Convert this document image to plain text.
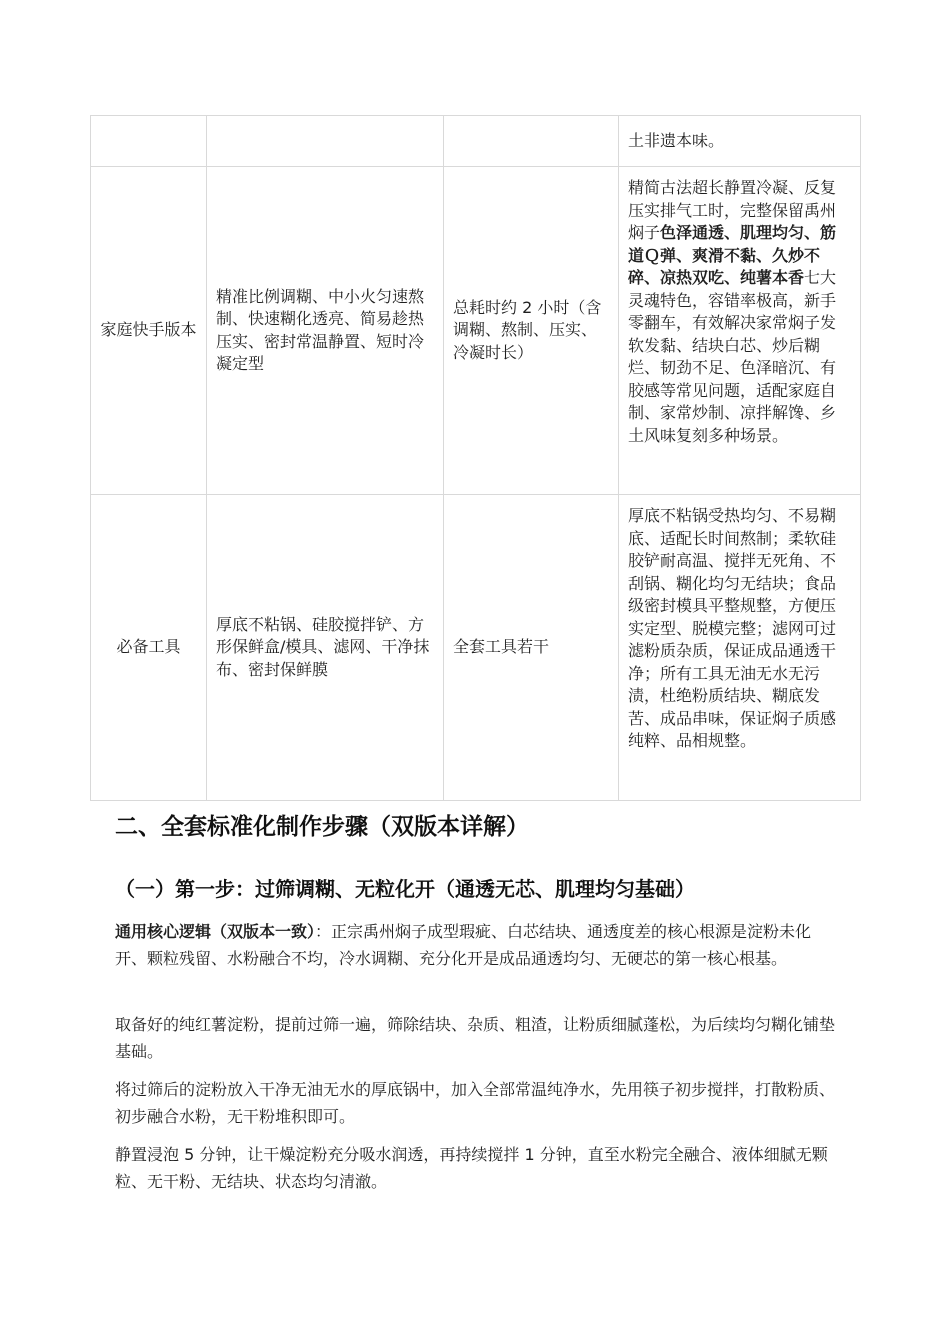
			土非遗本味。
家庭快手版本	精准比例调糊、中小火匀速熬制、快速糊化透亮、简易趁热压实、密封常温静置、短时冷凝定型	总耗时约 2 小时（含调糊、熬制、压实、冷凝时长）	精简古法超长静置冷凝、反复压实排气工时，完整保留禹州焖子色泽通透、肌理均匀、筋道Ｑ弹、爽滑不黏、久炒不碎、凉热双吃、纯薯本香七大灵魂特色，容错率极高，新手零翻车，有效解决家常焖子发软发黏、结块白芯、炒后糊烂、韧劲不足、色泽暗沉、有胶感等常见问题，适配家庭自制、家常炒制、凉拌解馋、乡土风味复刻多种场景。
必备工具	厚底不粘锅、硅胶搅拌铲、方形保鲜盒/模具、滤网、干净抹布、密封保鲜膜	全套工具若干	厚底不粘锅受热均匀、不易糊底、适配长时间熬制；柔软硅胶铲耐高温、搅拌无死角、不刮锅、糊化均匀无结块；食品级密封模具平整规整，方便压实定型、脱模完整；滤网可过滤粉质杂质，保证成品通透干净；所有工具无油无水无污渍，杜绝粉质结块、糊底发苦、成品串味，保证焖子质感纯粹、品相规整。
二、全套标准化制作步骤（双版本详解）
（一）第一步：过筛调糊、无粒化开（通透无芯、肌理均匀基础）

通用核心逻辑（双版本一致）：正宗禹州焖子成型瑕疵、白芯结块、通透度差的核心根源是淀粉未化开、颗粒残留、水粉融合不均，冷水调糊、充分化开是成品通透均匀、无硬芯的第一核心根基。

取备好的纯红薯淀粉，提前过筛一遍，筛除结块、杂质、粗渣，让粉质细腻蓬松，为后续均匀糊化铺垫基础。

将过筛后的淀粉放入干净无油无水的厚底锅中，加入全部常温纯净水，先用筷子初步搅拌，打散粉质、初步融合水粉，无干粉堆积即可。

静置浸泡 5 分钟，让干燥淀粉充分吸水润透，再持续搅拌 1 分钟，直至水粉完全融合、液体细腻无颗粒、无干粉、无结块、状态均匀清澈。
